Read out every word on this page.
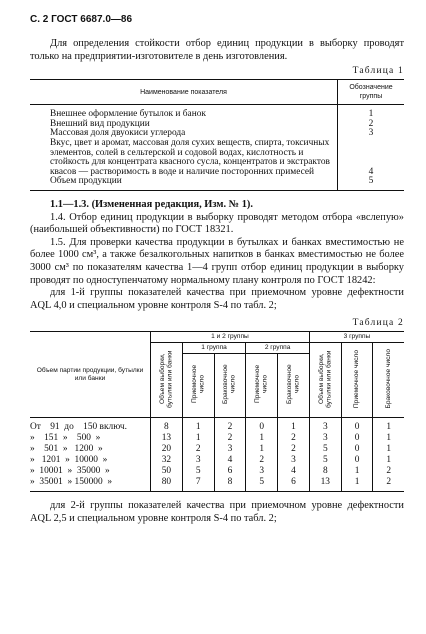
С. 2 ГОСТ 6687.0—86

Для определения стойкости отбор единиц продукции в выборку проводят только на предприятии-изготовителе в день изготовления.

Таблица 1
Наименование показателя	Обозначение группы
Внешнее оформление бутылок и банок	1
Внешний вид продукции	2
Массовая доля двуокиси углерода	3
Вкус, цвет и аромат, массовая доля сухих веществ, спирта, токсичных элементов, солей в сельтерской и содовой водах, кислотность и стойкость для концентрата квасного сусла, концентратов и экстрактов квасов — растворимость в воде и наличие посторонних примесей	4
Объем продукции	5

1.1—1.3. (Измененная редакция, Изм. № 1).

1.4. Отбор единиц продукции в выборку проводят методом отбора «вслепую» (наибольшей объективности) по ГОСТ 18321.

1.5. Для проверки качества продукции в бутылках и банках вместимостью не более 1000 см³, а также безалкогольных напитков в банках вместимостью не более 3000 см³ по показателям качества 1—4 групп отбор единиц продукции в выборку проводят по одноступенчатому нормальному плану контроля по ГОСТ 18242:

для 1-й группы показателей качества при приемочном уровне дефектности AQL 4,0 и специальном уровне контроля S-4 по табл. 2;

Таблица 2
Объем партии продукции, бутылки или банки	1 и 2 группы					3 группы		
	Объем выборки, бутылки или банки	1 группа		2 группа		Объем выборки, бутылки или банки	Приемочное число	Браковочное число
		Приемочное число	Браковочное число	Приемочное число	Браковочное число			
От    91  до    150 включ.	8	1	2	0	1	3	0	1
»    151  »    500  »	13	1	2	1	2	3	0	1
»    501  »   1200  »	20	2	3	1	2	5	0	1
»   1201  »  10000  »	32	3	4	2	3	5	0	1
»  10001  »  35000  »	50	5	6	3	4	8	1	2
»  35001  » 150000  »	80	7	8	5	6	13	1	2

для 2-й группы показателей качества при приемочном уровне дефектности AQL 2,5 и специальном уровне контроля S-4 по табл. 2;
